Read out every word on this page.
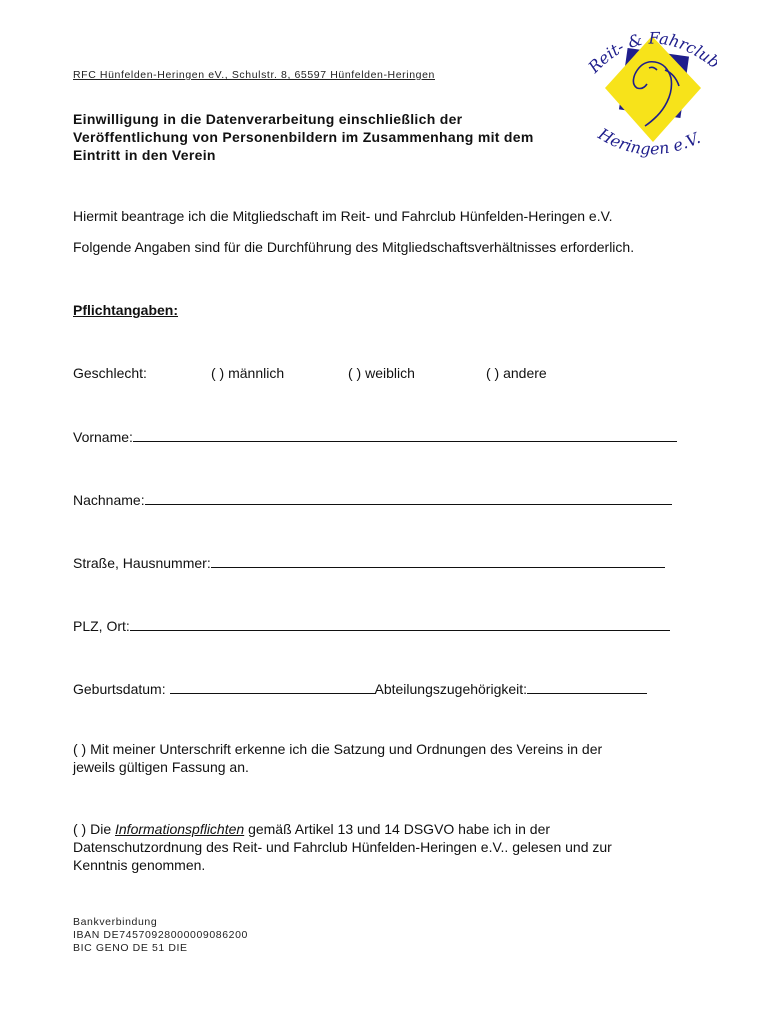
RFC Hünfelden-Heringen eV., Schulstr. 8, 65597 Hünfelden-Heringen
Einwilligung in die Datenverarbeitung einschließlich der
Veröffentlichung von Personenbildern im Zusammenhang mit dem
Eintritt in den Verein
eit- & Fahrclu
Heringen e.V.
Hiermit beantrage ich die Mitgliedschaft im Reit- und Fahrclub Hünfelden-Heringen e.V.
Folgende Angaben sind für die Durchführung des Mitgliedschaftsverhältnisses erforderlich.
Pflichtangaben:
Geschlecht:	( ) männlich	( ) weiblich	( ) andere
Vorname:
Nachname:
Straße, Hausnummer:
PLZ, Ort:
Geburtsdatum:	Abteilungszugehörigkeit:
( ) Mit meiner Unterschrift erkenne ich die Satzung und Ordnungen des Vereins in der
jeweils gültigen Fassung an.
( ) Die Informationspflichten gemäß Artikel 13 und 14 DSGVO habe ich in der
Datenschutzordnung des Reit- und Fahrclub Hünfelden-Heringen e.V.. gelesen und zur
Kenntnis genommen.
Bankverbindung
IBAN DE74570928000009086200
BIC GENO DE 51 DIE
